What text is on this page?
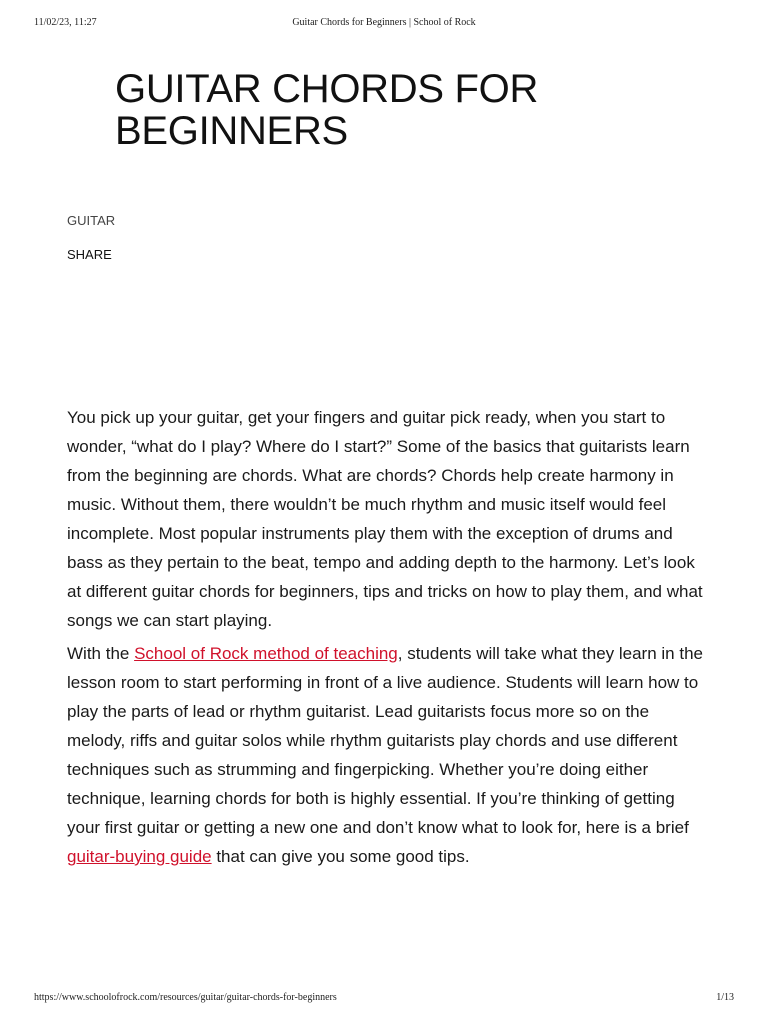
11/02/23, 11:27	Guitar Chords for Beginners | School of Rock
GUITAR CHORDS FOR BEGINNERS
GUITAR
SHARE

You pick up your guitar, get your fingers and guitar pick ready, when you start to wonder, “what do I play? Where do I start?” Some of the basics that guitarists learn from the beginning are chords. What are chords? Chords help create harmony in music. Without them, there wouldn’t be much rhythm and music itself would feel incomplete. Most popular instruments play them with the exception of drums and bass as they pertain to the beat, tempo and adding depth to the harmony. Let’s look at different guitar chords for beginners, tips and tricks on how to play them, and what songs we can start playing.

With the School of Rock method of teaching, students will take what they learn in the lesson room to start performing in front of a live audience. Students will learn how to play the parts of lead or rhythm guitarist. Lead guitarists focus more so on the melody, riffs and guitar solos while rhythm guitarists play chords and use different techniques such as strumming and fingerpicking. Whether you’re doing either technique, learning chords for both is highly essential. If you’re thinking of getting your first guitar or getting a new one and don’t know what to look for, here is a brief guitar-buying guide that can give you some good tips.

https://www.schoolofrock.com/resources/guitar/guitar-chords-for-beginners	1/13
